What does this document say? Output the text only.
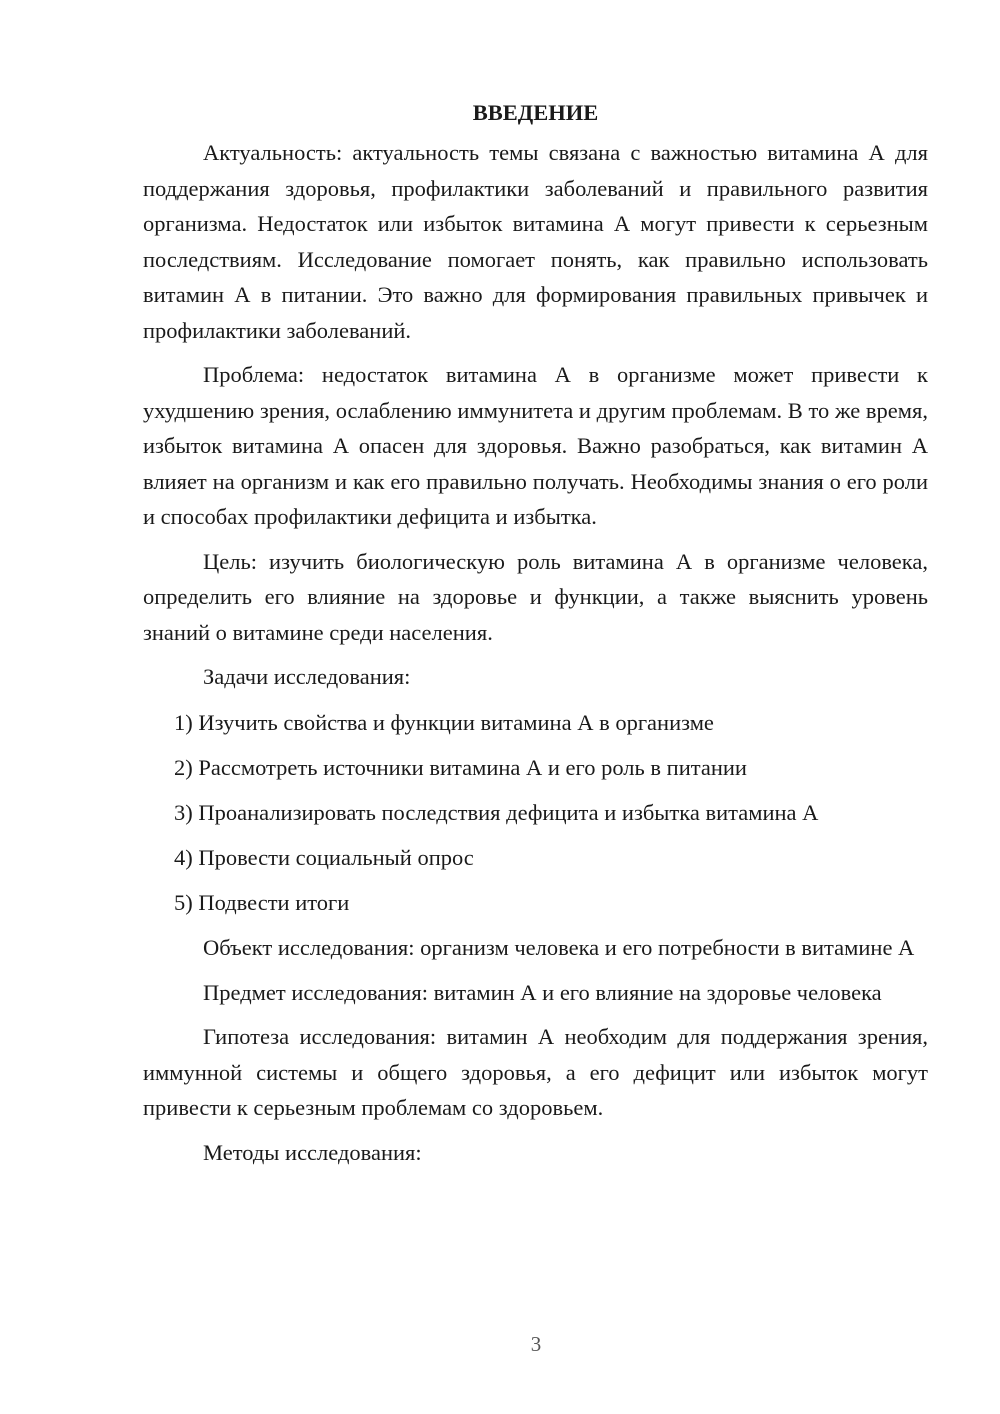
ВВЕДЕНИЕ

Актуальность: актуальность темы связана с важностью витамина А для поддержания здоровья, профилактики заболеваний и правильного развития организма. Недостаток или избыток витамина А могут привести к серьезным последствиям. Исследование помогает понять, как правильно использовать витамин А в питании. Это важно для формирования правильных привычек и профилактики заболеваний.

Проблема: недостаток витамина А в организме может привести к ухудшению зрения, ослаблению иммунитета и другим проблемам. В то же время, избыток витамина А опасен для здоровья. Важно разобраться, как витамин А влияет на организм и как его правильно получать. Необходимы знания о его роли и способах профилактики дефицита и избытка.

Цель: изучить биологическую роль витамина А в организме человека, определить его влияние на здоровье и функции, а также выяснить уровень знаний о витамине среди населения.

Задачи исследования:

1) Изучить свойства и функции витамина А в организме
2) Рассмотреть источники витамина А и его роль в питании
3) Проанализировать последствия дефицита и избытка витамина А
4) Провести социальный опрос
5) Подвести итоги

Объект исследования: организм человека и его потребности в витамине А

Предмет исследования: витамин А и его влияние на здоровье человека

Гипотеза исследования: витамин А необходим для поддержания зрения, иммунной системы и общего здоровья, а его дефицит или избыток могут привести к серьезным проблемам со здоровьем.

Методы исследования:

3
